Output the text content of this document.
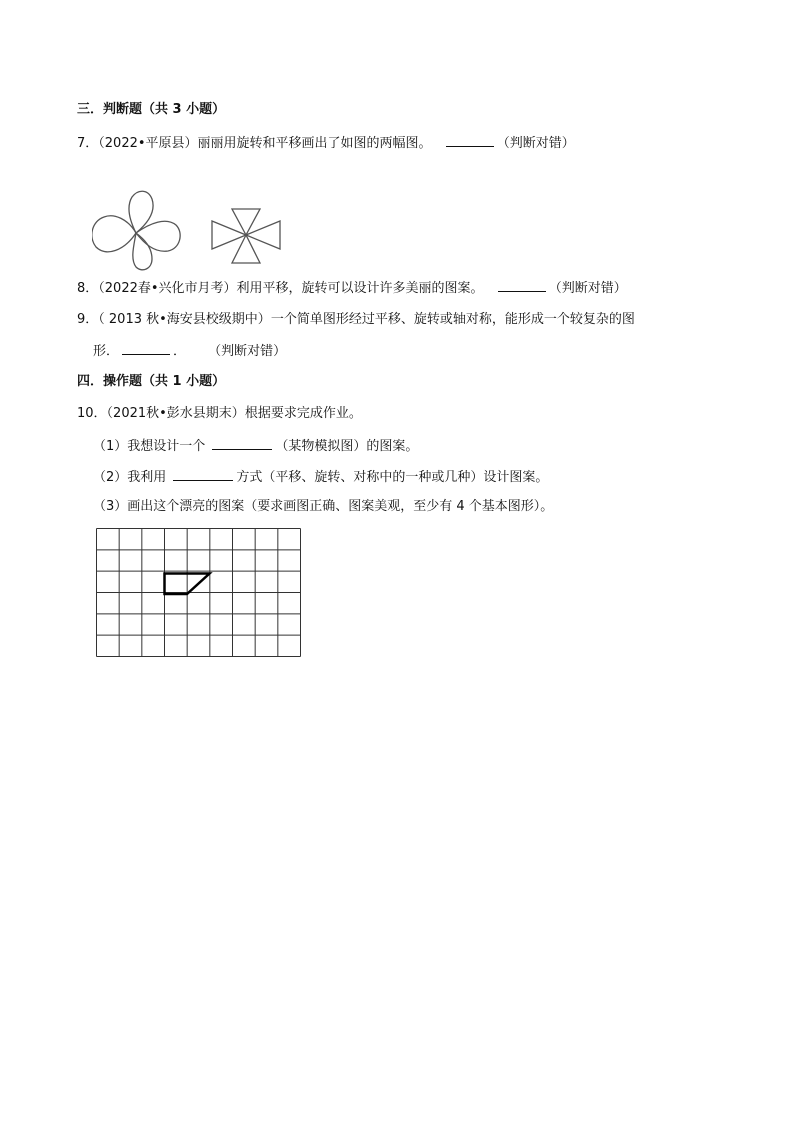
三．判断题（共 3 小题）
7．（2022•平原县）丽丽用旋转和平移画出了如图的两幅图。	（判断对错）
8．（2022春•兴化市月考）利用平移，旋转可以设计许多美丽的图案。	（判断对错）
9．（ 2013 秋•海安县校级期中）一个简单图形经过平移、旋转或轴对称，能形成一个较复杂的图
形．	． （判断对错）
四．操作题（共 1 小题）
10．（2021秋•彭水县期末）根据要求完成作业。
（1）我想设计一个	（某物模拟图）的图案。
（2）我利用	方式（平移、旋转、对称中的一种或几种）设计图案。
（3）画出这个漂亮的图案（要求画图正确、图案美观，至少有 4 个基本图形）。
